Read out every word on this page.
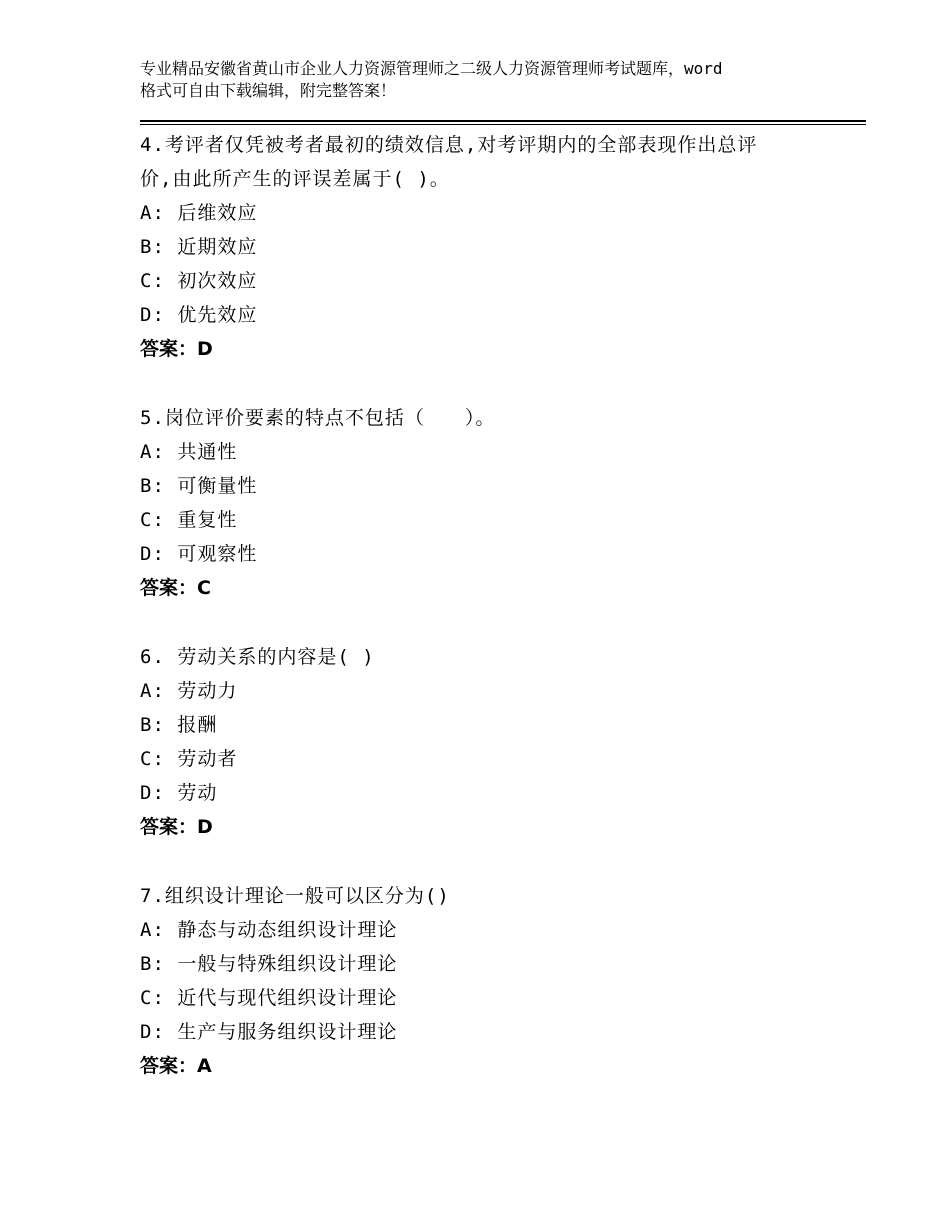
专业精品安徽省黄山市企业人力资源管理师之二级人力资源管理师考试题库，word
格式可自由下载编辑，附完整答案！
4.考评者仅凭被考者最初的绩效信息,对考评期内的全部表现作出总评
价,由此所产生的评误差属于( )。
A: 后维效应
B: 近期效应
C: 初次效应
D: 优先效应
答案：D
5.岗位评价要素的特点不包括（　　）。
A: 共通性
B: 可衡量性
C: 重复性
D: 可观察性
答案：C
6. 劳动关系的内容是( )
A: 劳动力
B: 报酬
C: 劳动者
D: 劳动
答案：D
7.组织设计理论一般可以区分为()
A: 静态与动态组织设计理论
B: 一般与特殊组织设计理论
C: 近代与现代组织设计理论
D: 生产与服务组织设计理论
答案：A
